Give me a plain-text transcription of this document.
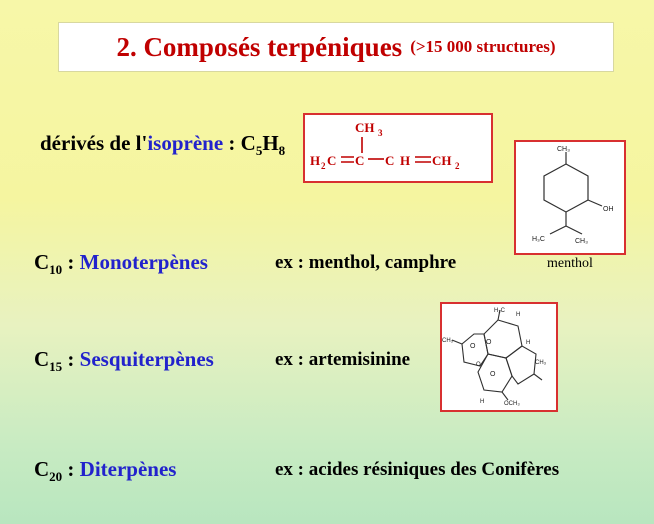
2. Composés terpéniques (>15 000 structures)
dérivés de l'isoprène : $C_5H_8$
CH 3
H 2 C C C H CH 2
CH₃
OH
H₃C	CH₃
menthol
H₂C
H
CH₃
O
O
O
O
H
CH₃
H	OCH₃
$C_{10}$ : Monoterpènes	ex : menthol, camphre
$C_{15}$ : Sesquiterpènes	ex : artemisinine
$C_{20}$ : Diterpènes	ex : acides résiniques des Conifères
